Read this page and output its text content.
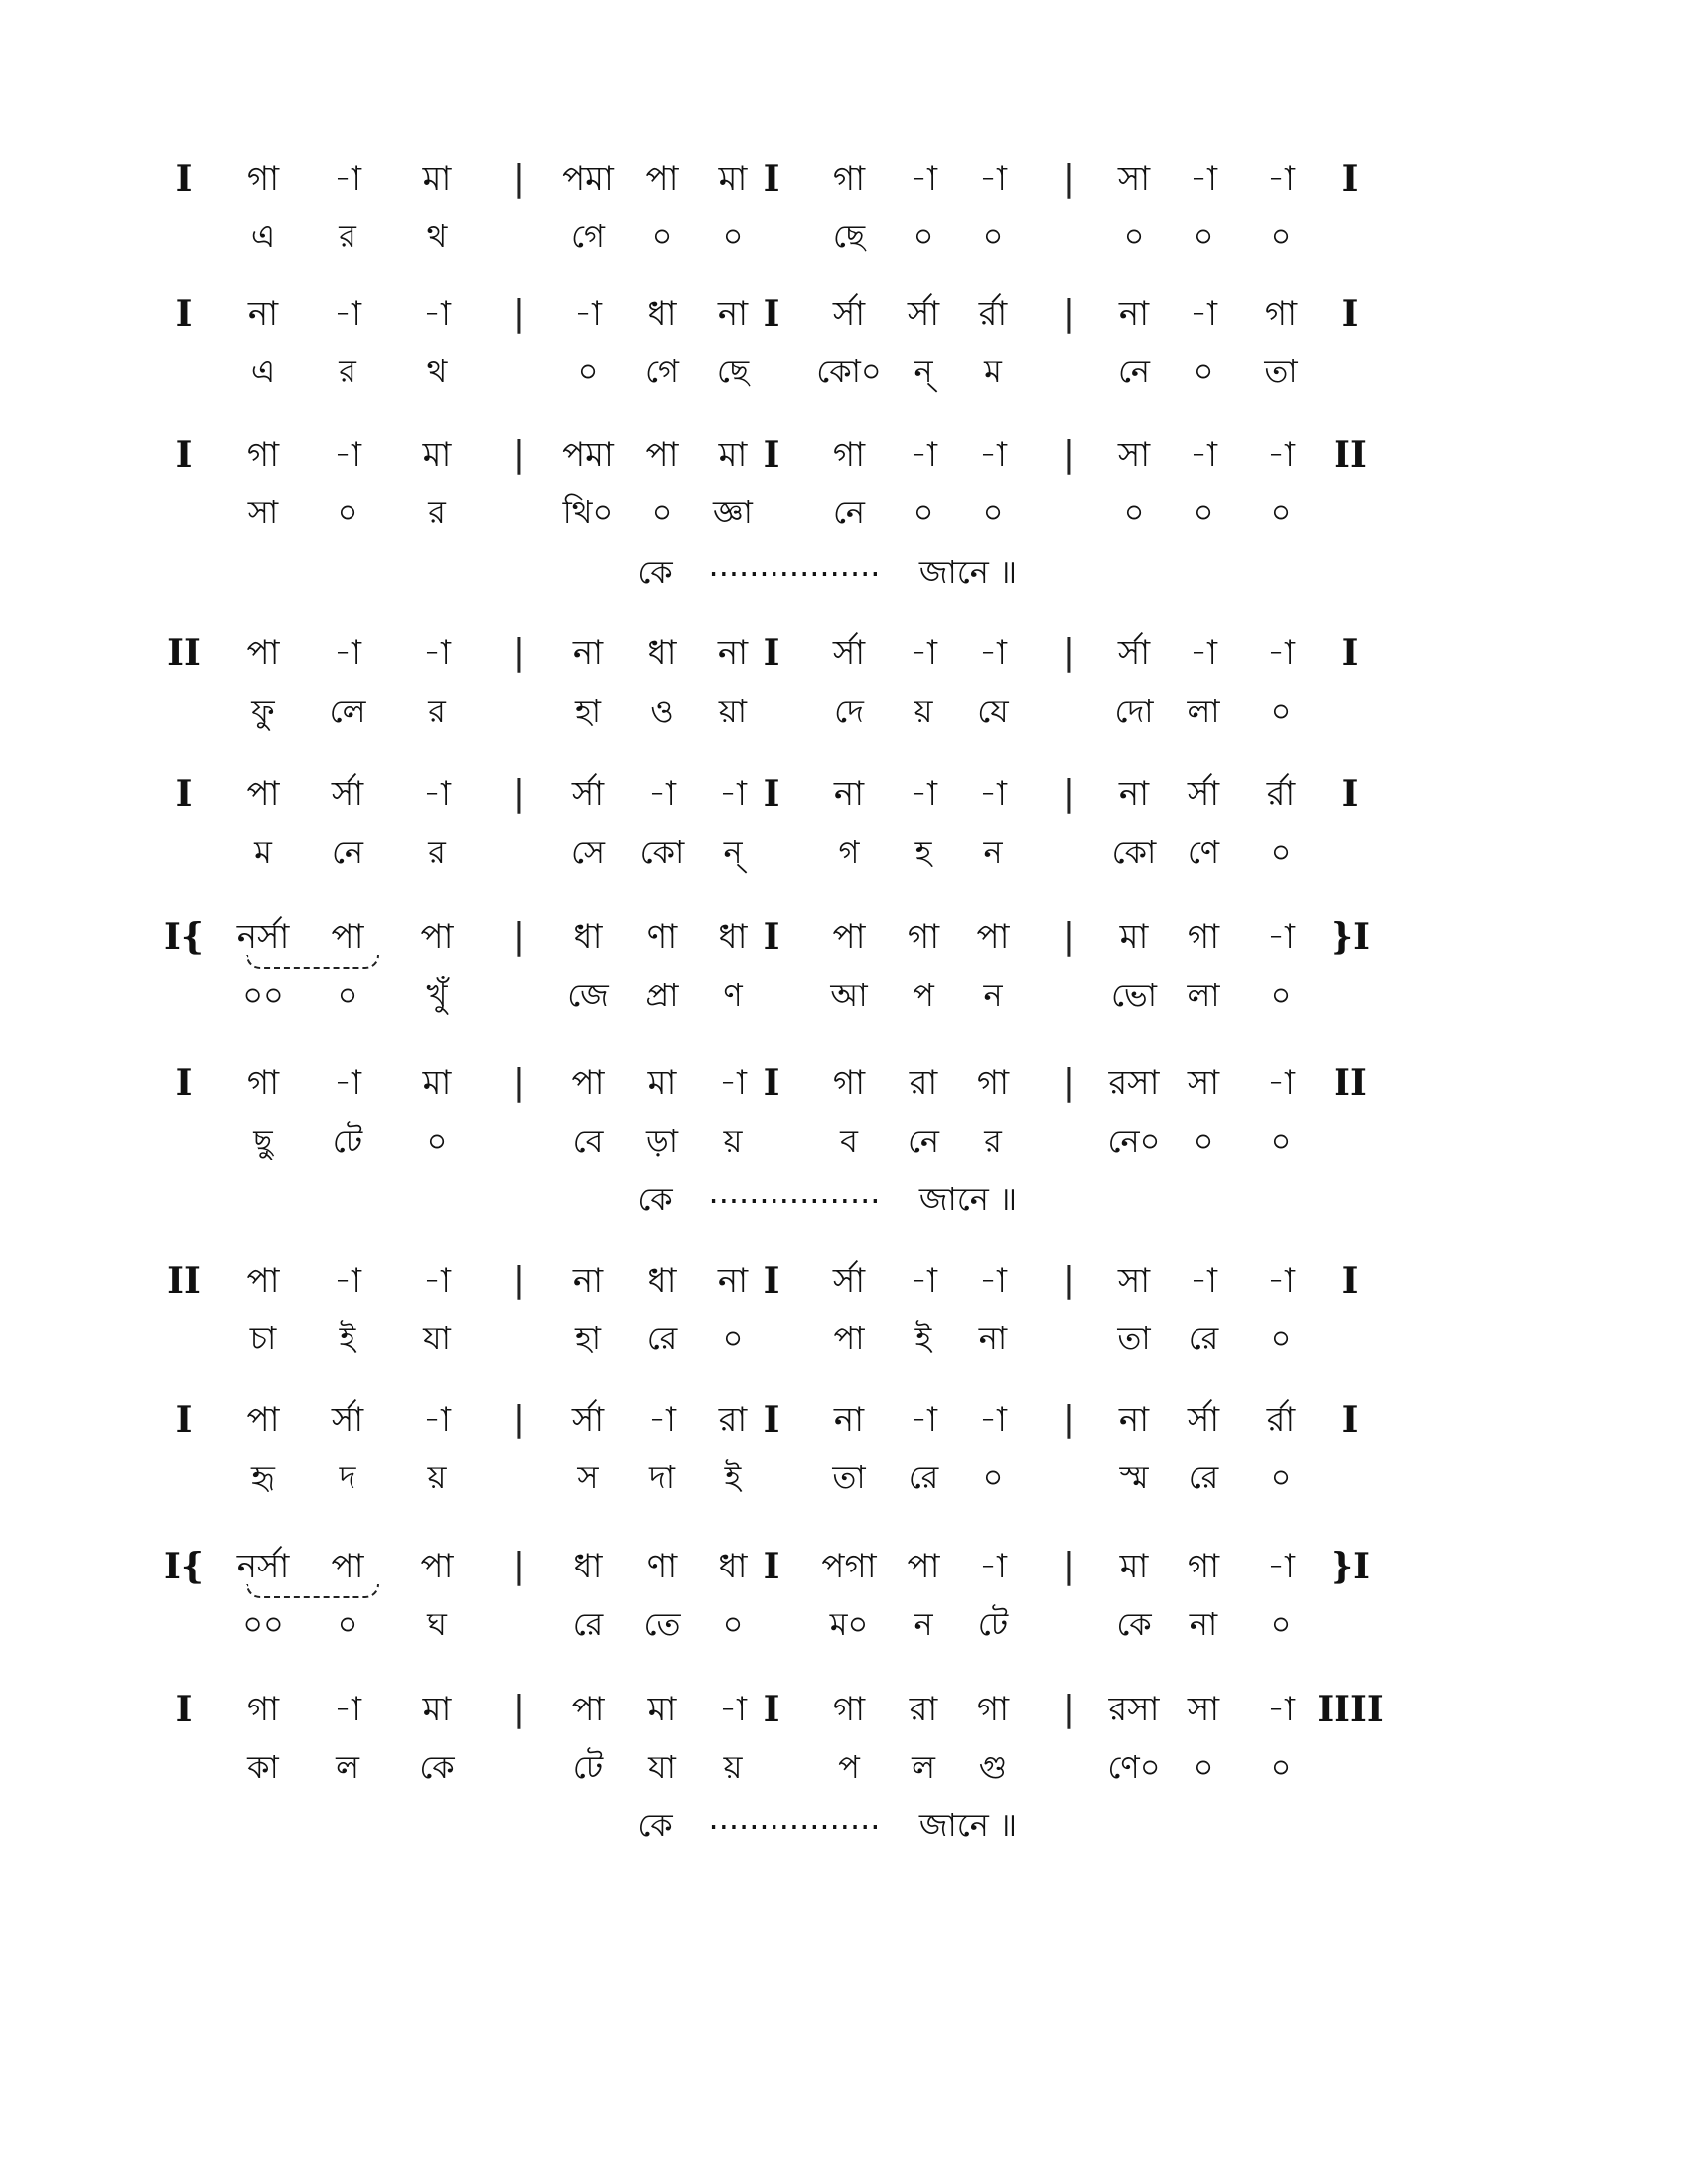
I গা -া মা | পমা পা মা I গা -া -া | সা -া -া I
এ র থ	গে ০ ০	ছে ০ ০	০ ০ ০
I না -া -া | -া ধা না I র্সা র্সা র্রা | না -া গা I
এ র থ	০ গে ছে কো০ ন্ ম	নে ০ তা
I গা -া মা | পমা পা মা I গা -া -া | সা -া -া II
সা ০ র	থি০ ০ জ্ঞা	নে ০ ০	০ ০ ০
II পা -া -া | না ধা না I র্সা -া -া | র্সা -া -া I
ফু লে র	হা ও য়া	দে য় যে	দো লা ০
I পা র্সা -া | র্সা -া -া I না -া -া | না র্সা র্রা I
ম নে র	সে কো ন্	গ হ ন	কো ণে ০
I{ নর্সা পা পা | ধা ণা ধা I পা গা পা | মা গা -া }I
০০ ০ খুঁ	জে প্রা ণ	আ প ন	ভো লা ০
I গা -া মা | পা মা -া I গা রা গা | রসা সা -া II
ছু টে ০	বে ড়া য়	ব নে র	নে০ ০ ০
II পা -া -া | না ধা না I র্সা -া -া | সা -া -া I
চা ই যা	হা রে ০	পা ই না	তা রে ০
I পা র্সা -া | র্সা -া রা I না -া -া | না র্সা র্রা I
হৃ দ য়	স দা ই	তা রে ০	স্ম রে ০
I{ নর্সা পা পা | ধা ণা ধা I পগা পা -া | মা গা -া }I
০০ ০ ঘ	রে তে ০	ম০ ন টে	কে না ০
I গা -া মা | পা মা -া I গা রা গা | রসা সা -া IIII
কা ল কে	টে যা য়	প ল গু	ণে০ ০ ০
কে ················· জানে ॥
কে ················· জানে ॥
কে ················· জানে ॥
